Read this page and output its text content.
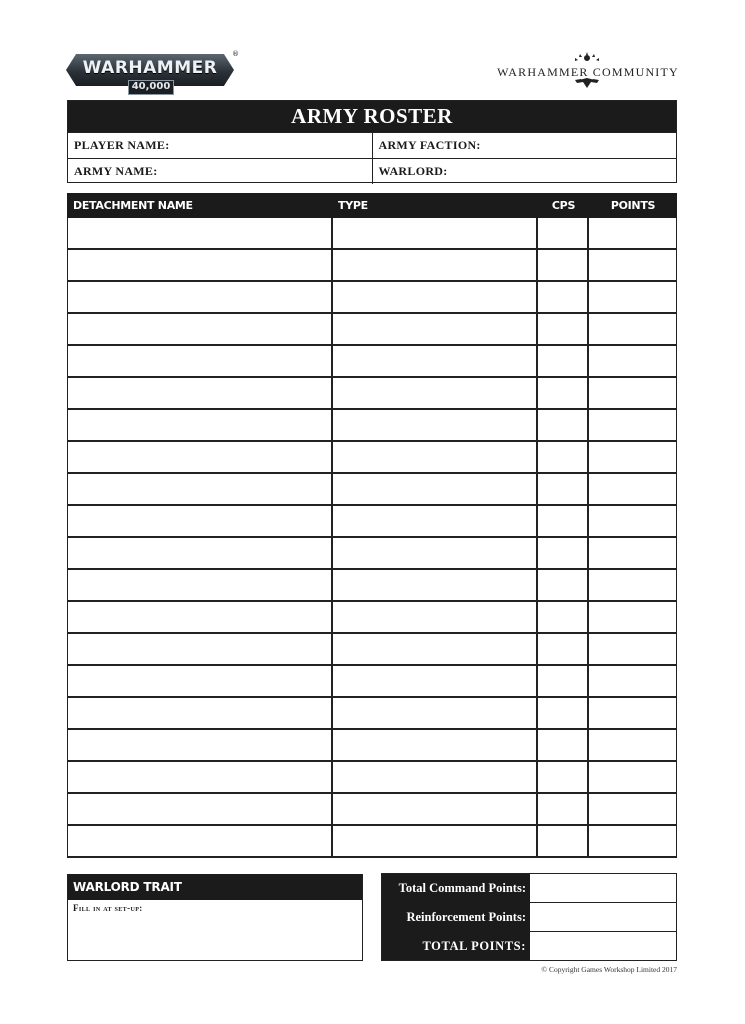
WARHAMMER
40,000
®
WARHAMMER COMMUNITY
ARMY ROSTER
PLAYER NAME:	ARMY FACTION:
ARMY NAME:	WARLORD:
DETACHMENT NAME	TYPE	CPS	POINTS
WARLORD TRAIT
Fill in at set-up:
Total Command Points:
Reinforcement Points:
TOTAL POINTS:
© Copyright Games Workshop Limited 2017
